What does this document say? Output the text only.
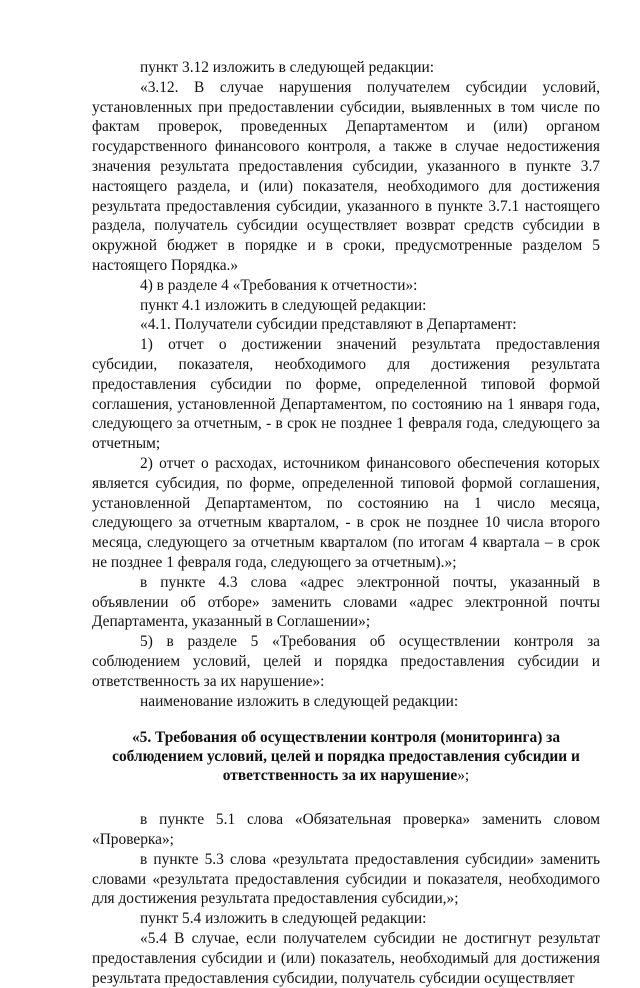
пункт 3.12 изложить в следующей редакции:

«3.12. В случае нарушения получателем субсидии условий, установленных при предоставлении субсидии, выявленных в том числе по фактам проверок, проведенных Департаментом и (или) органом государственного финансового контроля, а также в случае недостижения значения результата предоставления субсидии, указанного в пункте 3.7 настоящего раздела, и (или) показателя, необходимого для достижения результата предоставления субсидии, указанного в пункте 3.7.1 настоящего раздела, получатель субсидии осуществляет возврат средств субсидии в окружной бюджет в порядке и в сроки, предусмотренные разделом 5 настоящего Порядка.»

4) в разделе 4 «Требования к отчетности»:

пункт 4.1 изложить в следующей редакции:

«4.1. Получатели субсидии представляют в Департамент:

1) отчет о достижении значений результата предоставления субсидии, показателя, необходимого для достижения результата предоставления субсидии по форме, определенной типовой формой соглашения, установленной Департаментом, по состоянию на 1 января года, следующего за отчетным, - в срок не позднее 1 февраля года, следующего за отчетным;

2) отчет о расходах, источником финансового обеспечения которых является субсидия, по форме, определенной типовой формой соглашения, установленной Департаментом, по состоянию на 1 число месяца, следующего за отчетным кварталом, - в срок не позднее 10 числа второго месяца, следующего за отчетным кварталом (по итогам 4 квартала – в срок не позднее 1 февраля года, следующего за отчетным).»;

в пункте 4.3 слова «адрес электронной почты, указанный в объявлении об отборе» заменить словами «адрес электронной почты Департамента, указанный в Соглашении»;

5) в разделе 5 «Требования об осуществлении контроля за соблюдением условий, целей и порядка предоставления субсидии и ответственность за их нарушение»:

наименование изложить в следующей редакции:

«5. Требования об осуществлении контроля (мониторинга) за
соблюдением условий, целей и порядка предоставления субсидии и
ответственность за их нарушение»;

в пункте 5.1 слова «Обязательная проверка» заменить словом «Проверка»;

в пункте 5.3 слова «результата предоставления субсидии» заменить словами «результата предоставления субсидии и показателя, необходимого для достижения результата предоставления субсидии,»;

пункт 5.4 изложить в следующей редакции:

«5.4 В случае, если получателем субсидии не достигнут результат предоставления субсидии и (или) показатель, необходимый для достижения результата предоставления субсидии, получатель субсидии осуществляет
